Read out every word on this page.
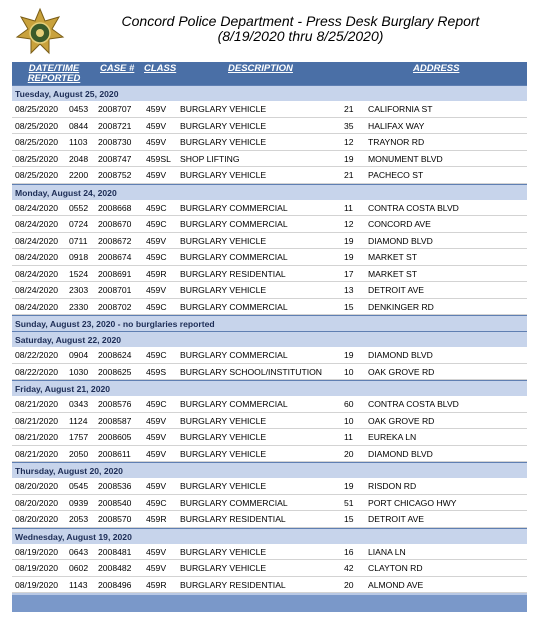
Concord Police Department - Press Desk Burglary Report
(8/19/2020 thru 8/25/2020)
DATE/TIME REPORTED
CASE # CLASS	DESCRIPTION	ADDRESS
Tuesday, August 25, 2020
08/25/2020 0453 2008707 459V BURGLARY VEHICLE	21 CALIFORNIA ST
08/25/2020 0844 2008721 459V BURGLARY VEHICLE	35 HALIFAX WAY
08/25/2020 1103 2008730 459V BURGLARY VEHICLE	12 TRAYNOR RD
08/25/2020 2048 2008747 459SL SHOP LIFTING	19 MONUMENT BLVD
08/25/2020 2200 2008752 459V BURGLARY VEHICLE	21 PACHECO ST
Monday, August 24, 2020
08/24/2020 0552 2008668 459C BURGLARY COMMERCIAL	11 CONTRA COSTA BLVD
08/24/2020 0724 2008670 459C BURGLARY COMMERCIAL	12 CONCORD AVE
08/24/2020 0711 2008672 459V BURGLARY VEHICLE	19 DIAMOND BLVD
08/24/2020 0918 2008674 459C BURGLARY COMMERCIAL	19 MARKET ST
08/24/2020 1524 2008691 459R BURGLARY RESIDENTIAL	17 MARKET ST
08/24/2020 2303 2008701 459V BURGLARY VEHICLE	13 DETROIT AVE
08/24/2020 2330 2008702 459C BURGLARY COMMERCIAL	15 DENKINGER RD
Sunday, August 23, 2020 - no burglaries reported
Saturday, August 22, 2020
08/22/2020 0904 2008624 459C BURGLARY COMMERCIAL	19 DIAMOND BLVD
08/22/2020 1030 2008625 459S BURGLARY SCHOOL/INSTITUTION	10 OAK GROVE RD
Friday, August 21, 2020
08/21/2020 0343 2008576 459C BURGLARY COMMERCIAL	60 CONTRA COSTA BLVD
08/21/2020 1124 2008587 459V BURGLARY VEHICLE	10 OAK GROVE RD
08/21/2020 1757 2008605 459V BURGLARY VEHICLE	11 EUREKA LN
08/21/2020 2050 2008611 459V BURGLARY VEHICLE	20 DIAMOND BLVD
Thursday, August 20, 2020
08/20/2020 0545 2008536 459V BURGLARY VEHICLE	19 RISDON RD
08/20/2020 0939 2008540 459C BURGLARY COMMERCIAL	51 PORT CHICAGO HWY
08/20/2020 2053 2008570 459R BURGLARY RESIDENTIAL	15 DETROIT AVE
Wednesday, August 19, 2020
08/19/2020 0643 2008481 459V BURGLARY VEHICLE	16 LIANA LN
08/19/2020 0602 2008482 459V BURGLARY VEHICLE	42 CLAYTON RD
08/19/2020 1143 2008496 459R BURGLARY RESIDENTIAL	20 ALMOND AVE
